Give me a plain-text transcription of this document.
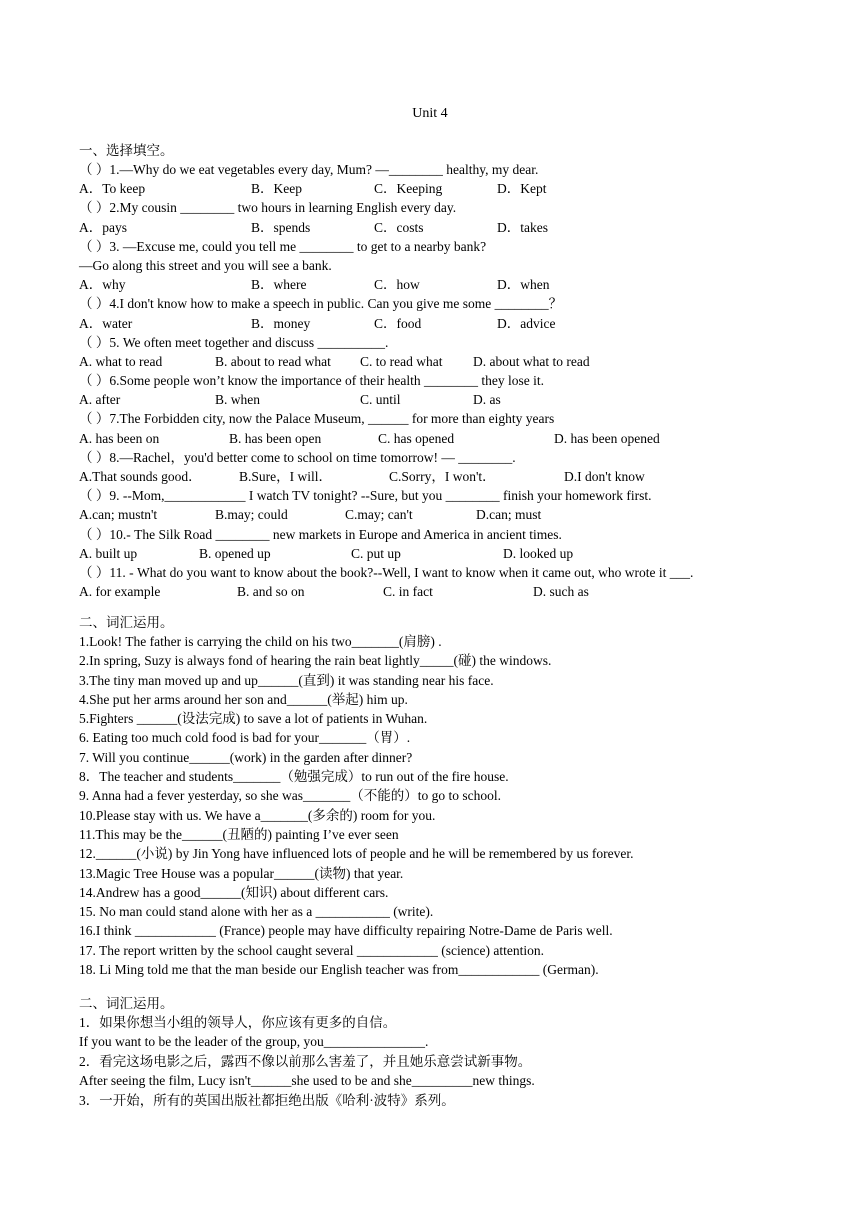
Unit 4
一、选择填空。
（ ）1.—Why do we eat vegetables every day, Mum? —________ healthy, my dear.
A．To keep	B．Keep	C．Keeping	D．Kept
（ ）2.My cousin ________ two hours in learning English every day.
A．pays	B．spends	C．costs	D．takes
（ ）3. —Excuse me, could you tell me ________ to get to a nearby bank?
—Go along this street and you will see a bank.
A．why	B．where	C．how	D．when
（ ）4.I don't know how to make a speech in public. Can you give me some ________？
A．water	B．money	C．food	D．advice
（ ）5. We often meet together and discuss __________.
A. what to read	B. about to read what C. to read what D. about what to read
（ ）6.Some people won’t know the importance of their health ________ they lose it.
A. after	B. when	C. until	D. as
（ ）7.The Forbidden city, now the Palace Museum, ______ for more than eighty years
A. has been on	B. has been open	C. has opened	D. has been opened
（ ）8.—Rachel，you'd better come to school on time tomorrow! — ________.
A.That sounds good．	B.Sure，I will．	C.Sorry，I won't．	D.I don't know
（ ）9. --Mom,____________ I watch TV tonight? --Sure, but you ________ finish your homework first.
A.can; mustn't	B.may; could	C.may; can't	D.can; must
（ ）10.- The Silk Road ________ new markets in Europe and America in ancient times.
A. built up	B. opened up	C. put up	D. looked up
（ ）11. - What do you want to know about the book?--Well, I want to know when it came out, who wrote it ___.
A. for example	B. and so on	C. in fact	D. such as
二、词汇运用。
1.Look! The father is carrying the child on his two_______(肩膀) .
2.In spring, Suzy is always fond of hearing the rain beat lightly_____(碰) the windows.
3.The tiny man moved up and up______(直到) it was standing near his face.
4.She put her arms around her son and______(举起) him up.
5.Fighters ______(设法完成) to save a lot of patients in Wuhan.
6. Eating too much cold food is bad for your_______（胃）.
7. Will you continue______(work) in the garden after dinner?
8．The teacher and students_______（勉强完成）to run out of the fire house.
9. Anna had a fever yesterday, so she was_______（不能的）to go to school.
10.Please stay with us. We have a_______(多余的) room for you.
11.This may be the______(丑陋的) painting I’ve ever seen
12.______(小说) by Jin Yong have influenced lots of people and he will be remembered by us forever.
13.Magic Tree House was a popular______(读物) that year.
14.Andrew has a good______(知识) about different cars.
15. No man could stand alone with her as a ___________ (write).
16.I think ____________ (France) people may have difficulty repairing Notre-Dame de Paris well.
17. The report written by the school caught several ____________ (science) attention.
18. Li Ming told me that the man beside our English teacher was from____________ (German).
二、词汇运用。
1．如果你想当小组的领导人，你应该有更多的自信。
If you want to be the leader of the group, you_______________.
2．看完这场电影之后，露西不像以前那么害羞了，并且她乐意尝试新事物。
After seeing the film, Lucy isn't______she used to be and she_________new things.
3．一开始，所有的英国出版社都拒绝出版《哈利·波特》系列。
